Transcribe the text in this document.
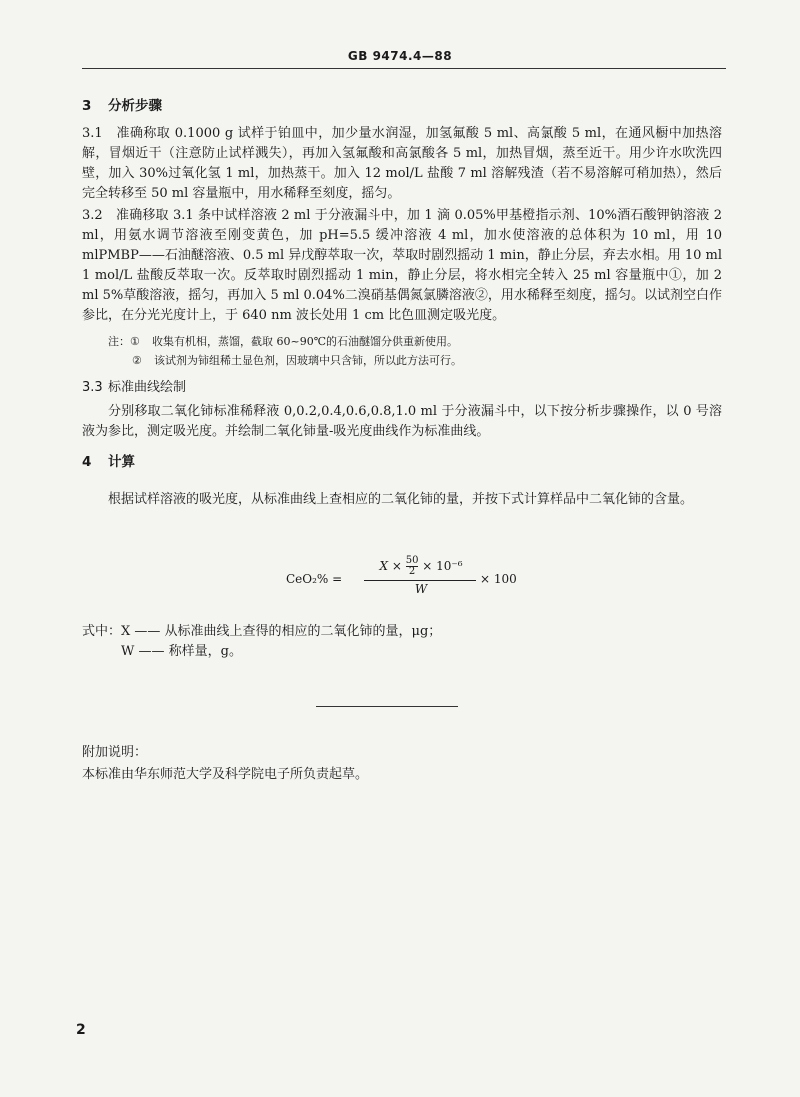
GB 9474.4—88
3 分析步骤

3.1　准确称取 0.1000 g 试样于铂皿中，加少量水润湿，加氢氟酸 5 ml、高氯酸 5 ml，在通风橱中加热溶解，冒烟近干（注意防止试样溅失），再加入氢氟酸和高氯酸各 5 ml，加热冒烟，蒸至近干。用少许水吹洗四壁，加入 30%过氧化氢 1 ml，加热蒸干。加入 12 mol/L 盐酸 7 ml 溶解残渣（若不易溶解可稍加热），然后完全转移至 50 ml 容量瓶中，用水稀释至刻度，摇匀。

3.2　准确移取 3.1 条中试样溶液 2 ml 于分液漏斗中，加 1 滴 0.05%甲基橙指示剂、10%酒石酸钾钠溶液 2 ml，用氨水调节溶液至刚变黄色，加 pH=5.5 缓冲溶液 4 ml，加水使溶液的总体积为 10 ml，用 10 mlPMBP——石油醚溶液、0.5 ml 异戊醇萃取一次，萃取时剧烈摇动 1 min，静止分层，弃去水相。用 10 ml 1 mol/L 盐酸反萃取一次。反萃取时剧烈摇动 1 min，静止分层，将水相完全转入 25 ml 容量瓶中①，加 2 ml 5%草酸溶液，摇匀，再加入 5 ml 0.04%二溴硝基偶氮氯膦溶液②，用水稀释至刻度，摇匀。以试剂空白作参比，在分光光度计上，于 640 nm 波长处用 1 cm 比色皿测定吸光度。

注：① 收集有机相，蒸馏，截取 60~90℃的石油醚馏分供重新使用。
② 该试剂为铈组稀土显色剂，因玻璃中只含铈，所以此方法可行。
3.3 标准曲线绘制

分别移取二氧化铈标准稀释液 0,0.2,0.4,0.6,0.8,1.0 ml 于分液漏斗中，以下按分析步骤操作，以 0 号溶液为参比，测定吸光度。并绘制二氧化铈量-吸光度曲线作为标准曲线。

4 计算

根据试样溶液的吸光度，从标准曲线上查相应的二氧化铈的量，并按下式计算样品中二氧化铈的含量。

CeO₂% =
$X \times \frac{50}{2} \times 10^{-6}$
W
× 100
式中：X —— 从标准曲线上查得的相应的二氧化铈的量，μg；
W —— 称样量，g。
附加说明：
本标准由华东师范大学及科学院电子所负责起草。
2
